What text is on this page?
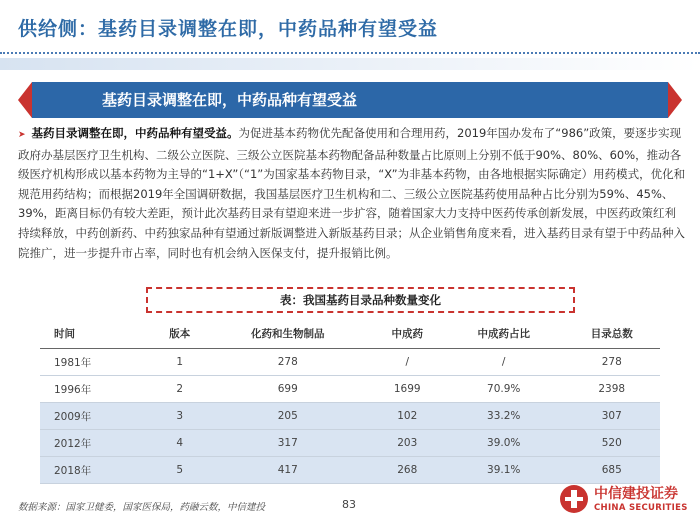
供给侧：基药目录调整在即，中药品种有望受益
基药目录调整在即，中药品种有望受益
➤ 基药目录调整在即，中药品种有望受益。为促进基本药物优先配备使用和合理用药，2019年国办发布了“986”政策，要逐步实现政府办基层医疗卫生机构、二级公立医院、三级公立医院基本药物配备品种数量占比原则上分别不低于90%、80%、60%，推动各级医疗机构形成以基本药物为主导的“1+X”（“1”为国家基本药物目录，“X”为非基本药物，由各地根据实际确定）用药模式，优化和规范用药结构；而根据2019年全国调研数据，我国基层医疗卫生机构和二、三级公立医院基药使用品种占比分别为59%、45%、39%，距离目标仍有较大差距，预计此次基药目录有望迎来进一步扩容，随着国家大力支持中医药传承创新发展，中医药政策红利持续释放，中药创新药、中药独家品种有望通过新版调整进入新版基药目录；从企业销售角度来看，进入基药目录有望于中药品种入院推广，进一步提升市占率，同时也有机会纳入医保支付，提升报销比例。
表：我国基药目录品种数量变化
时间	版本	化药和生物制品	中成药	中成药占比	目录总数
1981年	1	278	/	/	278
1996年	2	699	1699	70.9%	2398
2009年	3	205	102	33.2%	307
2012年	4	317	203	39.0%	520
2018年	5	417	268	39.1%	685
数据来源：国家卫健委，国家医保局，药融云数，中信建投	83
中信建投证券
CHINA SECURITIES
